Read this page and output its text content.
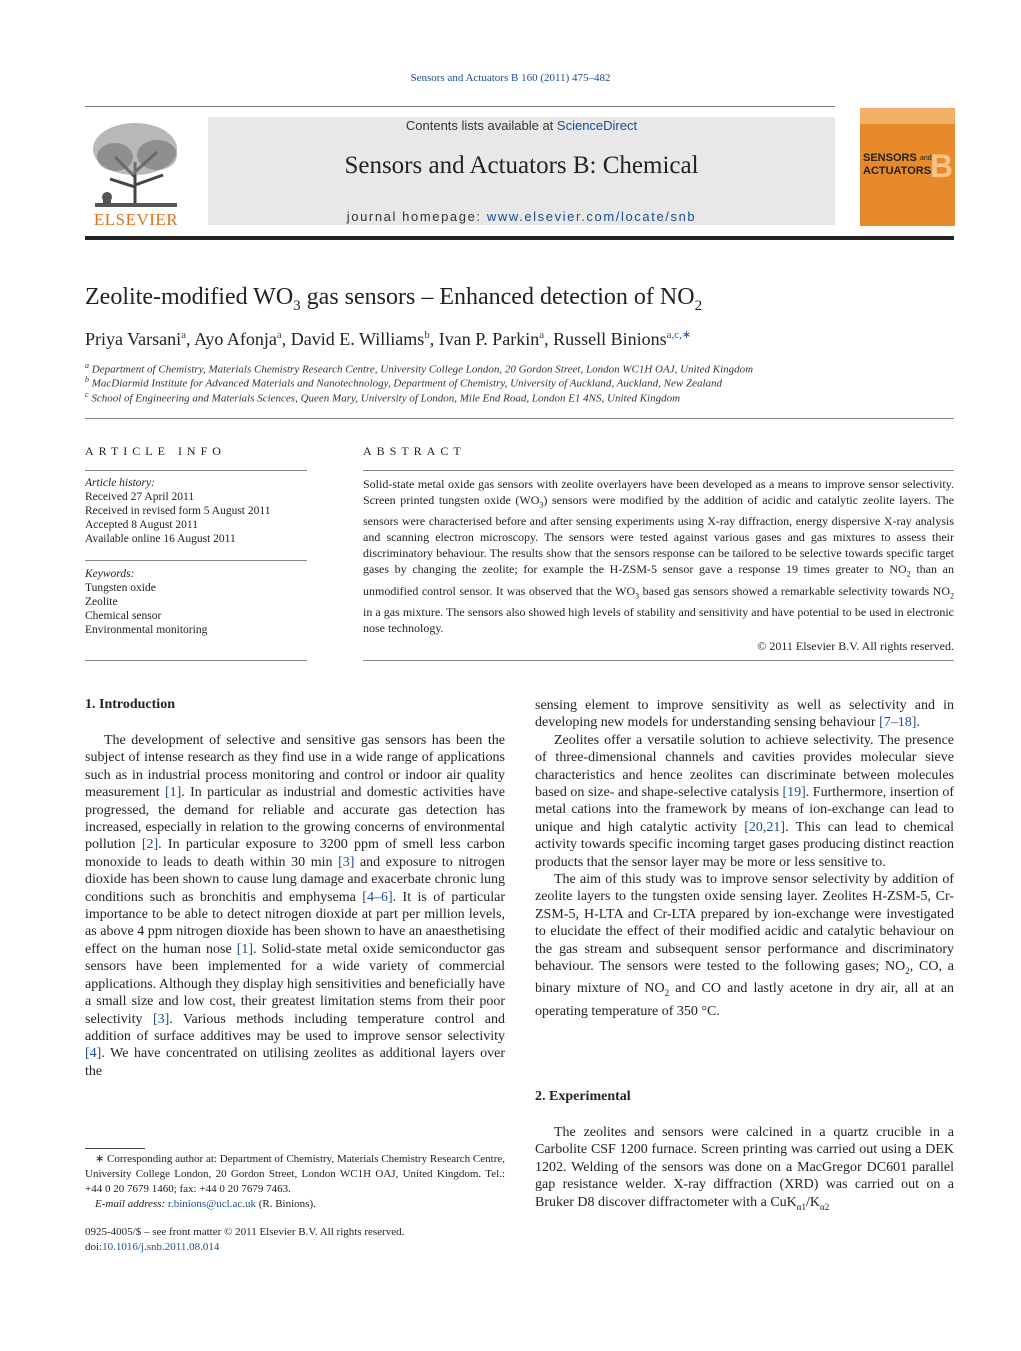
Sensors and Actuators B 160 (2011) 475–482
ELSEVIER
Contents lists available at ScienceDirect
Sensors and Actuators B: Chemical
journal homepage: www.elsevier.com/locate/snb
SENSORS and
ACTUATORS
B
Zeolite-modified $WO_3$ gas sensors – Enhanced detection of $NO_2$
Priya Varsani$^a$, Ayo Afonja$^a$, David E. Williams$^b$, Ivan P. Parkin$^a$, Russell Binions$^{a,c,∗}$
$^a$ Department of Chemistry, Materials Chemistry Research Centre, University College London, 20 Gordon Street, London WC1H OAJ, United Kingdom
$^b$ MacDiarmid Institute for Advanced Materials and Nanotechnology, Department of Chemistry, University of Auckland, Auckland, New Zealand
$^c$ School of Engineering and Materials Sciences, Queen Mary, University of London, Mile End Road, London E1 4NS, United Kingdom
ARTICLE INFO
Article history:
Received 27 April 2011
Received in revised form 5 August 2011
Accepted 8 August 2011
Available online 16 August 2011
Keywords:
Tungsten oxide
Zeolite
Chemical sensor
Environmental monitoring
ABSTRACT
Solid-state metal oxide gas sensors with zeolite overlayers have been developed as a means to improve sensor selectivity. Screen printed tungsten oxide $(WO_3)$ sensors were modified by the addition of acidic and catalytic zeolite layers. The sensors were characterised before and after sensing experiments using X-ray diffraction, energy dispersive X-ray analysis and scanning electron microscopy. The sensors were tested against various gases and gas mixtures to assess their discriminatory behaviour. The results show that the sensors response can be tailored to be selective towards specific target gases by changing the zeolite; for example the H-ZSM-5 sensor gave a response 19 times greater to $NO_2$ than an unmodified control sensor. It was observed that the $WO_3$ based gas sensors showed a remarkable selectivity towards $NO_2$ in a gas mixture. The sensors also showed high levels of stability and sensitivity and have potential to be used in electronic nose technology.
© 2011 Elsevier B.V. All rights reserved.
1. Introduction

The development of selective and sensitive gas sensors has been the subject of intense research as they find use in a wide range of applications such as in industrial process monitoring and control or indoor air quality measurement [1]. In particular as industrial and domestic activities have progressed, the demand for reliable and accurate gas detection has increased, especially in relation to the growing concerns of environmental pollution [2]. In particular exposure to 3200 ppm of smell less carbon monoxide to leads to death within 30 min [3] and exposure to nitrogen dioxide has been shown to cause lung damage and exacerbate chronic lung conditions such as bronchitis and emphysema [4–6]. It is of particular importance to be able to detect nitrogen dioxide at part per million levels, as above 4 ppm nitrogen dioxide has been shown to have an anaesthetising effect on the human nose [1]. Solid-state metal oxide semiconductor gas sensors have been implemented for a wide variety of commercial applications. Although they display high sensitivities and beneficially have a small size and low cost, their greatest limitation stems from their poor selectivity [3]. Various methods including temperature control and addition of surface additives may be used to improve sensor selectivity [4]. We have concentrated on utilising zeolites as additional layers over the

∗ Corresponding author at: Department of Chemistry, Materials Chemistry Research Centre, University College London, 20 Gordon Street, London WC1H OAJ, United Kingdom. Tel.: +44 0 20 7679 1460; fax: +44 0 20 7679 7463.
E-mail address: r.binions@ucl.ac.uk (R. Binions).
0925-4005/$ – see front matter © 2011 Elsevier B.V. All rights reserved.
doi:10.1016/j.snb.2011.08.014

sensing element to improve sensitivity as well as selectivity and in developing new models for understanding sensing behaviour [7–18].

Zeolites offer a versatile solution to achieve selectivity. The presence of three-dimensional channels and cavities provides molecular sieve characteristics and hence zeolites can discriminate between molecules based on size- and shape-selective catalysis [19]. Furthermore, insertion of metal cations into the framework by means of ion-exchange can lead to unique and high catalytic activity [20,21]. This can lead to chemical activity towards specific incoming target gases producing distinct reaction products that the sensor layer may be more or less sensitive to.

The aim of this study was to improve sensor selectivity by addition of zeolite layers to the tungsten oxide sensing layer. Zeolites H-ZSM-5, Cr-ZSM-5, H-LTA and Cr-LTA prepared by ion-exchange were investigated to elucidate the effect of their modified acidic and catalytic behaviour on the gas stream and subsequent sensor performance and discriminatory behaviour. The sensors were tested to the following gases; $NO_2$, CO, a binary mixture of $NO_2$ and CO and lastly acetone in dry air, all at an operating temperature of 350 °C.

2. Experimental

The zeolites and sensors were calcined in a quartz crucible in a Carbolite CSF 1200 furnace. Screen printing was carried out using a DEK 1202. Welding of the sensors was done on a MacGregor DC601 parallel gap resistance welder. X-ray diffraction (XRD) was carried out on a Bruker D8 discover diffractometer with a $CuK_{\alpha 1}/K_{\alpha 2}$
